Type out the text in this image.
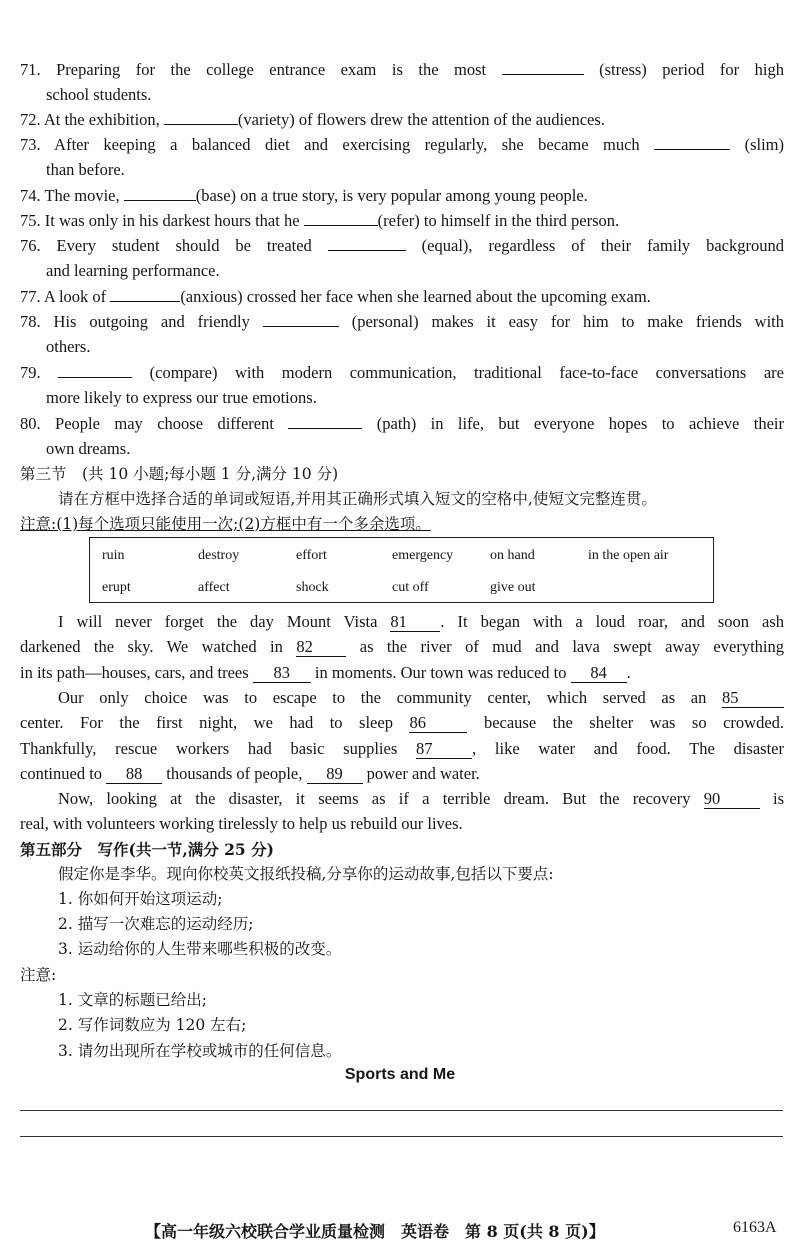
71. Preparing for the college entrance exam is the most	(stress) period for high
school students.
72. At the exhibition,	(variety) of flowers drew the attention of the audiences.
73. After keeping a balanced diet and exercising regularly, she became much	(slim)
than before.
74. The movie,	(base) on a true story, is very popular among young people.
75. It was only in his darkest hours that he	(refer) to himself in the third person.
76. Every student should be treated	(equal), regardless of their family background
and learning performance.
77. A look of	(anxious) crossed her face when she learned about the upcoming exam.
78. His outgoing and friendly	(personal) makes it easy for him to make friends with
others.
79.	(compare) with modern communication, traditional face-to-face conversations are
more likely to express our true emotions.
80. People may choose different	(path) in life, but everyone hopes to achieve their
own dreams.
第三节　(共 10 小题;每小题 1 分,满分 10 分)
请在方框中选择合适的单词或短语,并用其正确形式填入短文的空格中,使短文完整连贯。
注意:(1)每个选项只能使用一次;(2)方框中有一个多余选项。
ruin	destroy	effort	emergency	on hand	in the open air
erupt	affect	shock	cut off	give out
I will never forget the day Mount Vista 81 . It began with a loud roar, and soon ash
darkened the sky. We watched in 82	as the river of mud and lava swept away everything
in its path—houses, cars, and trees 83 in moments. Our town was reduced to 84 .
Our only choice was to escape to the community center, which served as an 85
center. For the first night, we had to sleep 86	because the shelter was so crowded.
Thankfully, rescue workers had basic supplies 87 , like water and food. The disaster
continued to 88 thousands of people, 89 power and water.
Now, looking at the disaster, it seems as if a terrible dream. But the recovery 90	is
real, with volunteers working tirelessly to help us rebuild our lives.
第五部分　写作(共一节,满分 25 分)
假定你是李华。现向你校英文报纸投稿,分享你的运动故事,包括以下要点:
1. 你如何开始这项运动;
2. 描写一次难忘的运动经历;
3. 运动给你的人生带来哪些积极的改变。
注意:
1. 文章的标题已给出;
2. 写作词数应为 120 左右;
3. 请勿出现所在学校或城市的任何信息。
Sports and Me
【高一年级六校联合学业质量检测　英语卷　第 8 页(共 8 页)】	6163A
